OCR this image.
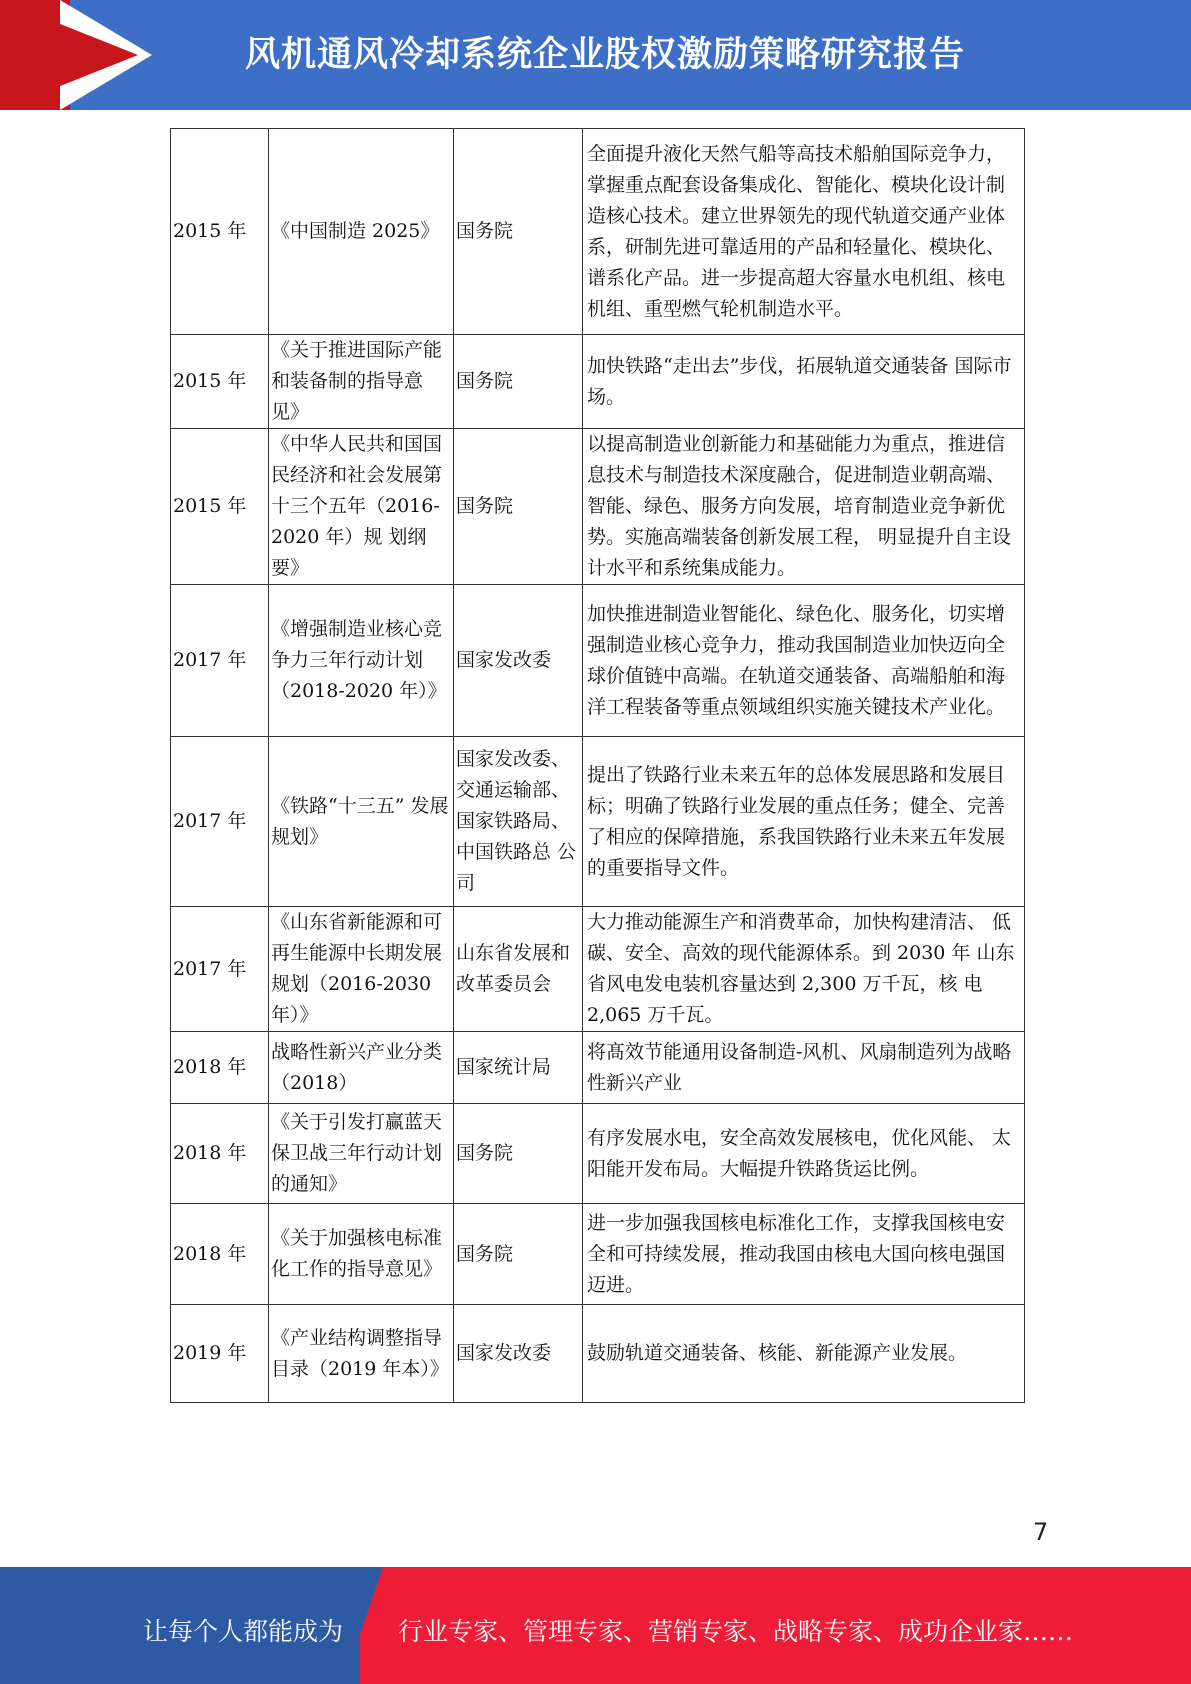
风机通风冷却系统企业股权激励策略研究报告
2015 年	《中国制造 2025》	国务院	全面提升液化天然气船等高技术船舶国际竞争力，掌握重点配套设备集成化、智能化、模块化设计制造核心技术。建立世界领先的现代轨道交通产业体系，研制先进可靠适用的产品和轻量化、模块化、谱系化产品。进一步提高超大容量水电机组、核电机组、重型燃气轮机制造水平。
2015 年	《关于推进国际产能和装备制的指导意见》	国务院	加快铁路“走出去”步伐，拓展轨道交通装备 国际市场。
2015 年	《中华人民共和国国民经济和社会发展第十三个五年（2016-2020 年）规 划纲要》	国务院	以提高制造业创新能力和基础能力为重点，推进信息技术与制造技术深度融合，促进制造业朝高端、智能、绿色、服务方向发展，培育制造业竞争新优势。实施高端装备创新发展工程， 明显提升自主设计水平和系统集成能力。
2017 年	《增强制造业核心竞争力三年行动计划（2018-2020 年）》	国家发改委	加快推进制造业智能化、绿色化、服务化，切实增强制造业核心竞争力，推动我国制造业加快迈向全球价值链中高端。在轨道交通装备、高端船舶和海洋工程装备等重点领域组织实施关键技术产业化。
2017 年	《铁路“十三五” 发展规划》	国家发改委、 交通运输部、 国家铁路局、 中国铁路总 公司	提出了铁路行业未来五年的总体发展思路和发展目标；明确了铁路行业发展的重点任务；健全、完善了相应的保障措施，系我国铁路行业未来五年发展的重要指导文件。
2017 年	《山东省新能源和可再生能源中长期发展规划（2016-2030 年）》	山东省发展和改革委员会	大力推动能源生产和消费革命，加快构建清洁、 低碳、安全、高效的现代能源体系。到 2030 年 山东省风电发电装机容量达到 2,300 万千瓦，核 电 2,065 万千瓦。
2018 年	战略性新兴产业分类（2018）	国家统计局	将髙效节能通用设备制造-风机、风扇制造列为战略性新兴产业
2018 年	《关于引发打赢蓝天保卫战三年行动计划的通知》	国务院	有序发展水电，安全高效发展核电，优化风能、 太阳能开发布局。大幅提升铁路货运比例。
2018 年	《关于加强核电标准化工作的指导意见》	国务院	进一步加强我国核电标准化工作，支撑我国核电安全和可持续发展，推动我国由核电大国向核电强国迈进。
2019 年	《产业结构调整指导目录（2019 年本）》	国家发改委	鼓励轨道交通装备、核能、新能源产业发展。
7
让每个人都能成为 行业专家、管理专家、营销专家、战略专家、成功企业家……
